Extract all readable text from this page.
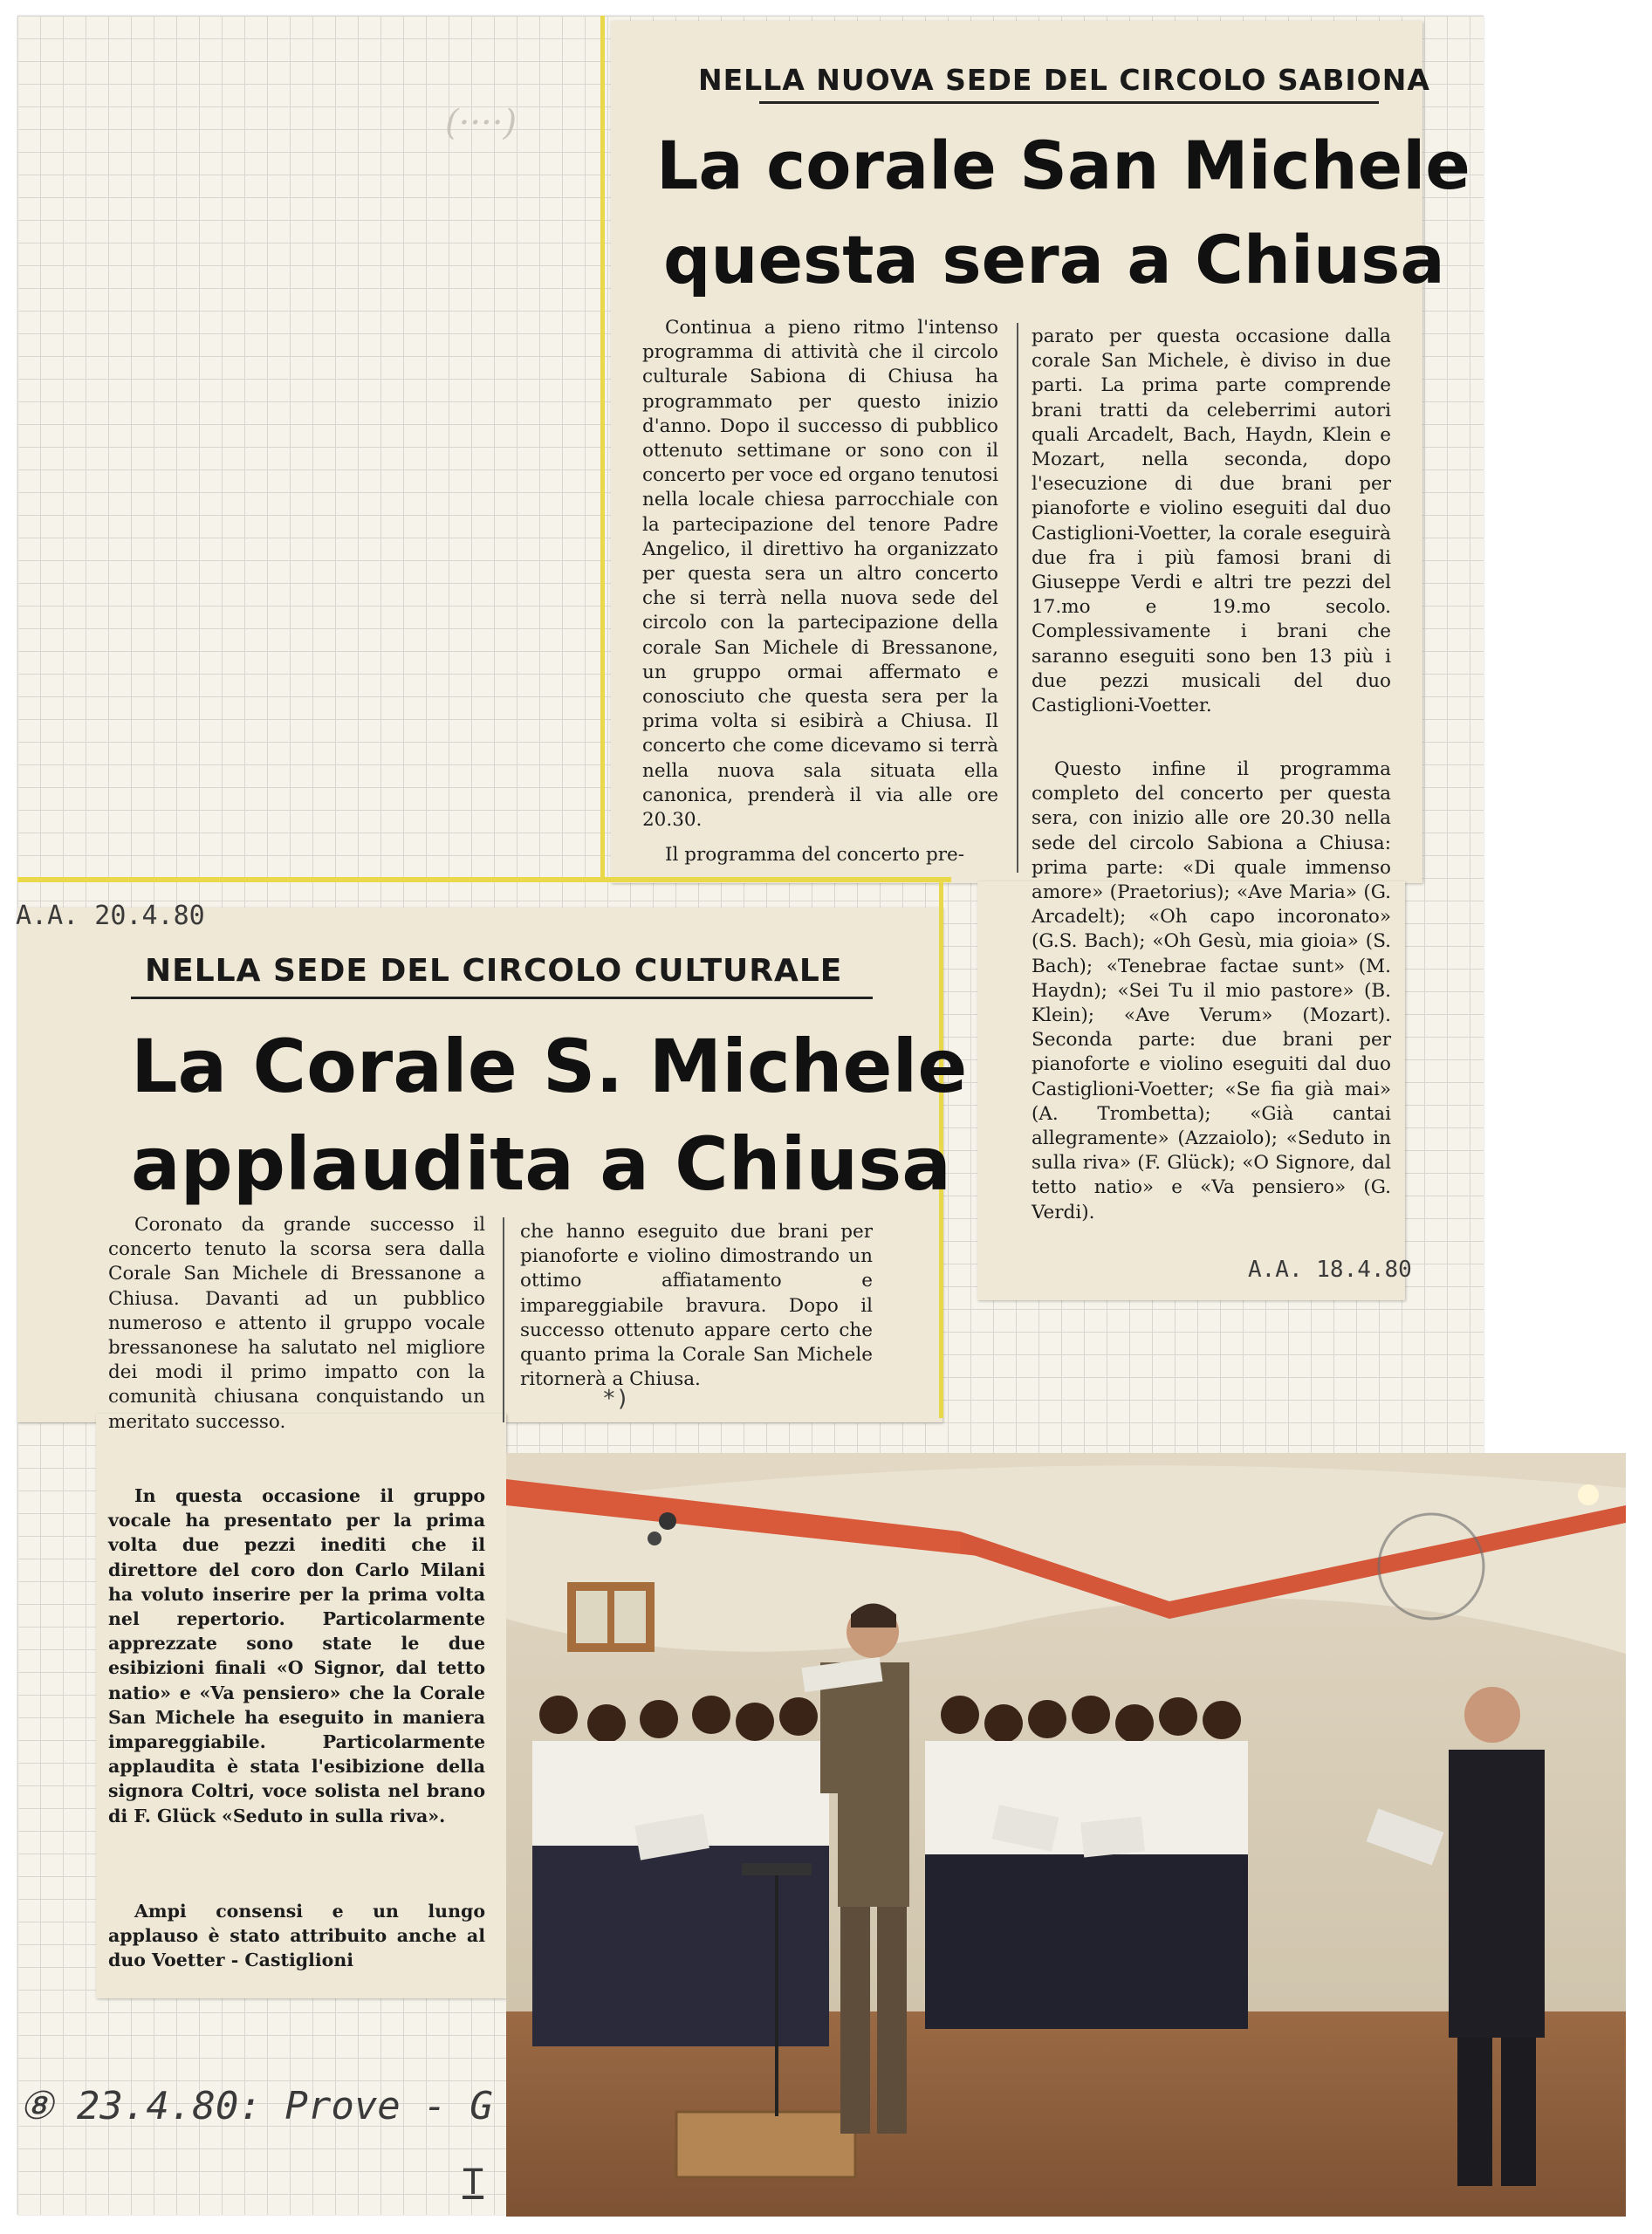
(····)
NELLA NUOVA SEDE DEL CIRCOLO SABIONA
La corale San Michele
questa sera a Chiusa
Continua a pieno ritmo l'intenso programma di attività che il circolo culturale Sabiona di Chiusa ha programmato per questo inizio d'anno. Dopo il successo di pubblico ottenuto settimane or sono con il concerto per voce ed organo tenutosi nella locale chiesa parrocchiale con la partecipazione del tenore Padre Angelico, il direttivo ha organizzato per questa sera un altro concerto che si terrà nella nuova sede del circolo con la partecipazione della corale San Michele di Bressanone, un gruppo ormai affermato e conosciuto che questa sera per la prima volta si esibirà a Chiusa. Il concerto che come dicevamo si terrà nella nuova sala situata ella canonica, prenderà il via alle ore 20.30.
Il programma del concerto pre-
parato per questa occasione dalla corale San Michele, è diviso in due parti. La prima parte comprende brani tratti da celeberrimi autori quali Arcadelt, Bach, Haydn, Klein e Mozart, nella seconda, dopo l'esecuzione di due brani per pianoforte e violino eseguiti dal duo Castiglioni-Voetter, la corale eseguirà due fra i più famosi brani di Giuseppe Verdi e altri tre pezzi del 17.mo e 19.mo secolo. Complessivamente i brani che saranno eseguiti sono ben 13 più i due pezzi musicali del duo Castiglioni-Voetter.
Questo infine il programma completo del concerto per questa sera, con inizio alle ore 20.30 nella sede del circolo Sabiona a Chiusa: prima parte: «Di quale immenso amore» (Praetorius); «Ave Maria» (G. Arcadelt); «Oh capo incoronato» (G.S. Bach); «Oh Gesù, mia gioia» (S. Bach); «Tenebrae factae sunt» (M. Haydn); «Sei Tu il mio pastore» (B. Klein); «Ave Verum» (Mozart). Seconda parte: due brani per pianoforte e violino eseguiti dal duo Castiglioni-Voetter; «Se fia già mai» (A. Trombetta); «Già cantai allegramente» (Azzaiolo); «Seduto in sulla riva» (F. Glück); «O Signore, dal tetto natio» e «Va pensiero» (G. Verdi).
A.A. 18.4.80
A.A. 20.4.80
NELLA SEDE DEL CIRCOLO CULTURALE
La Corale S. Michele
applaudita a Chiusa
Coronato da grande successo il concerto tenuto la scorsa sera dalla Corale San Michele di Bressanone a Chiusa. Davanti ad un pubblico numeroso e attento il gruppo vocale bressanonese ha salutato nel migliore dei modi il primo impatto con la comunità chiusana conquistando un meritato successo.
In questa occasione il gruppo vocale ha presentato per la prima volta due pezzi inediti che il direttore del coro don Carlo Milani ha voluto inserire per la prima volta nel repertorio. Particolarmente apprezzate sono state le due esibizioni finali «O Signor, dal tetto natio» e «Va pensiero» che la Corale San Michele ha eseguito in maniera impareggiabile. Particolarmente applaudita è stata l'esibizione della signora Coltri, voce solista nel brano di F. Glück «Seduto in sulla riva».
Ampi consensi e un lungo applauso è stato attribuito anche al duo Voetter - Castiglioni
che hanno eseguito due brani per pianoforte e violino dimostrando un ottimo affiatamento e impareggiabile bravura. Dopo il successo ottenuto appare certo che quanto prima la Corale San Michele ritornerà a Chiusa.
*)
⑧ 23.4.80: Prove - G
T
